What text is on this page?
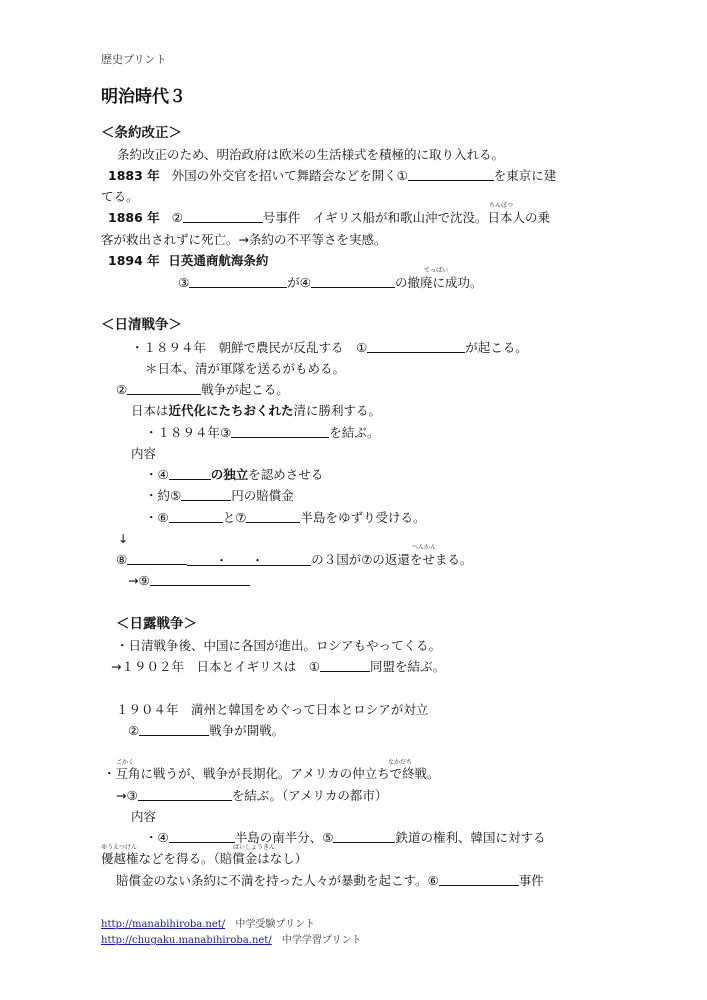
歴史プリント
明治時代３
＜条約改正＞
条約改正のため、明治政府は欧米の生活様式を積極的に取り入れる。
1883 年 外国の外交官を招いて舞踏会などを開く①	を東京に建
てる。
ちんぼつ
1886 年 ②	号事件　イギリス船が和歌山沖で沈没。日本人の乗
客が救出されずに死亡。→条約の不平等さを実感。
1894 年 日英通商航海条約
てっぱい
③	が④	の撤廃に成功。
＜日清戦争＞
・１８９４年　朝鮮で農民が反乱する　①	が起こる。
＊日本、清が軍隊を送るがもめる。
②	戦争が起こる。
日本は近代化にたちおくれた清に勝利する。
・１８９４年③	を結ぶ。
内容
・④	の独立を認めさせる
・約⑤	円の賠償金
・⑥	と⑦	半島をゆずり受ける。
↓
へんかん
⑧	・ ・	の３国が⑦の返還をせまる。
→⑨
＜日露戦争＞
・日清戦争後、中国に各国が進出。ロシアもやってくる。
→１９０２年　日本とイギリスは　①	同盟を結ぶ。
１９０４年　満州と韓国をめぐって日本とロシアが対立
②	戦争が開戦。
ごかく	なかだち
・互角に戦うが、戦争が長期化。アメリカの仲立ちで終戦。
→③	を結ぶ。（アメリカの都市）
内容
・④	半島の南半分、⑤	鉄道の権利、韓国に対する
ゆうえつけん	ばいしょうきん
優越権などを得る。（賠償金はなし）
賠償金のない条約に不満を持った人々が暴動を起こす。⑥	事件
http://manabihiroba.net/ 中学受験プリント
http://chugaku.manabihiroba.net/ 中学学習プリント
